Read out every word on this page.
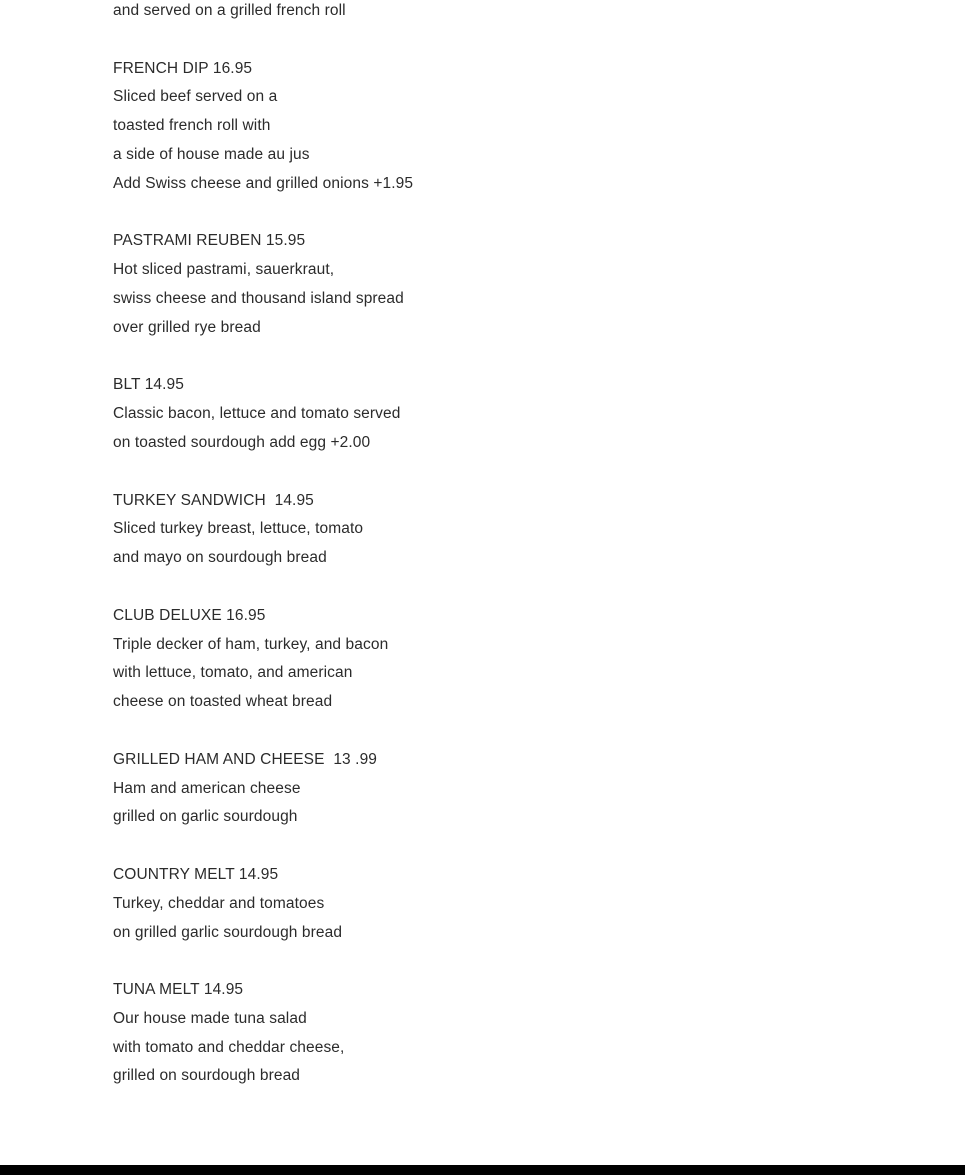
and served on a grilled french roll
FRENCH DIP 16.95
Sliced beef served on a
toasted french roll with
a side of house made au jus
Add Swiss cheese and grilled onions +1.95
PASTRAMI REUBEN 15.95
Hot sliced pastrami, sauerkraut,
swiss cheese and thousand island spread
over grilled rye bread
BLT 14.95
Classic bacon, lettuce and tomato served
on toasted sourdough add egg +2.00
TURKEY SANDWICH  14.95
Sliced turkey breast, lettuce, tomato
and mayo on sourdough bread
CLUB DELUXE 16.95
Triple decker of ham, turkey, and bacon
with lettuce, tomato, and american
cheese on toasted wheat bread
GRILLED HAM AND CHEESE  13 .99
Ham and american cheese
grilled on garlic sourdough
COUNTRY MELT 14.95
Turkey, cheddar and tomatoes
on grilled garlic sourdough bread
TUNA MELT 14.95
Our house made tuna salad
with tomato and cheddar cheese,
grilled on sourdough bread
